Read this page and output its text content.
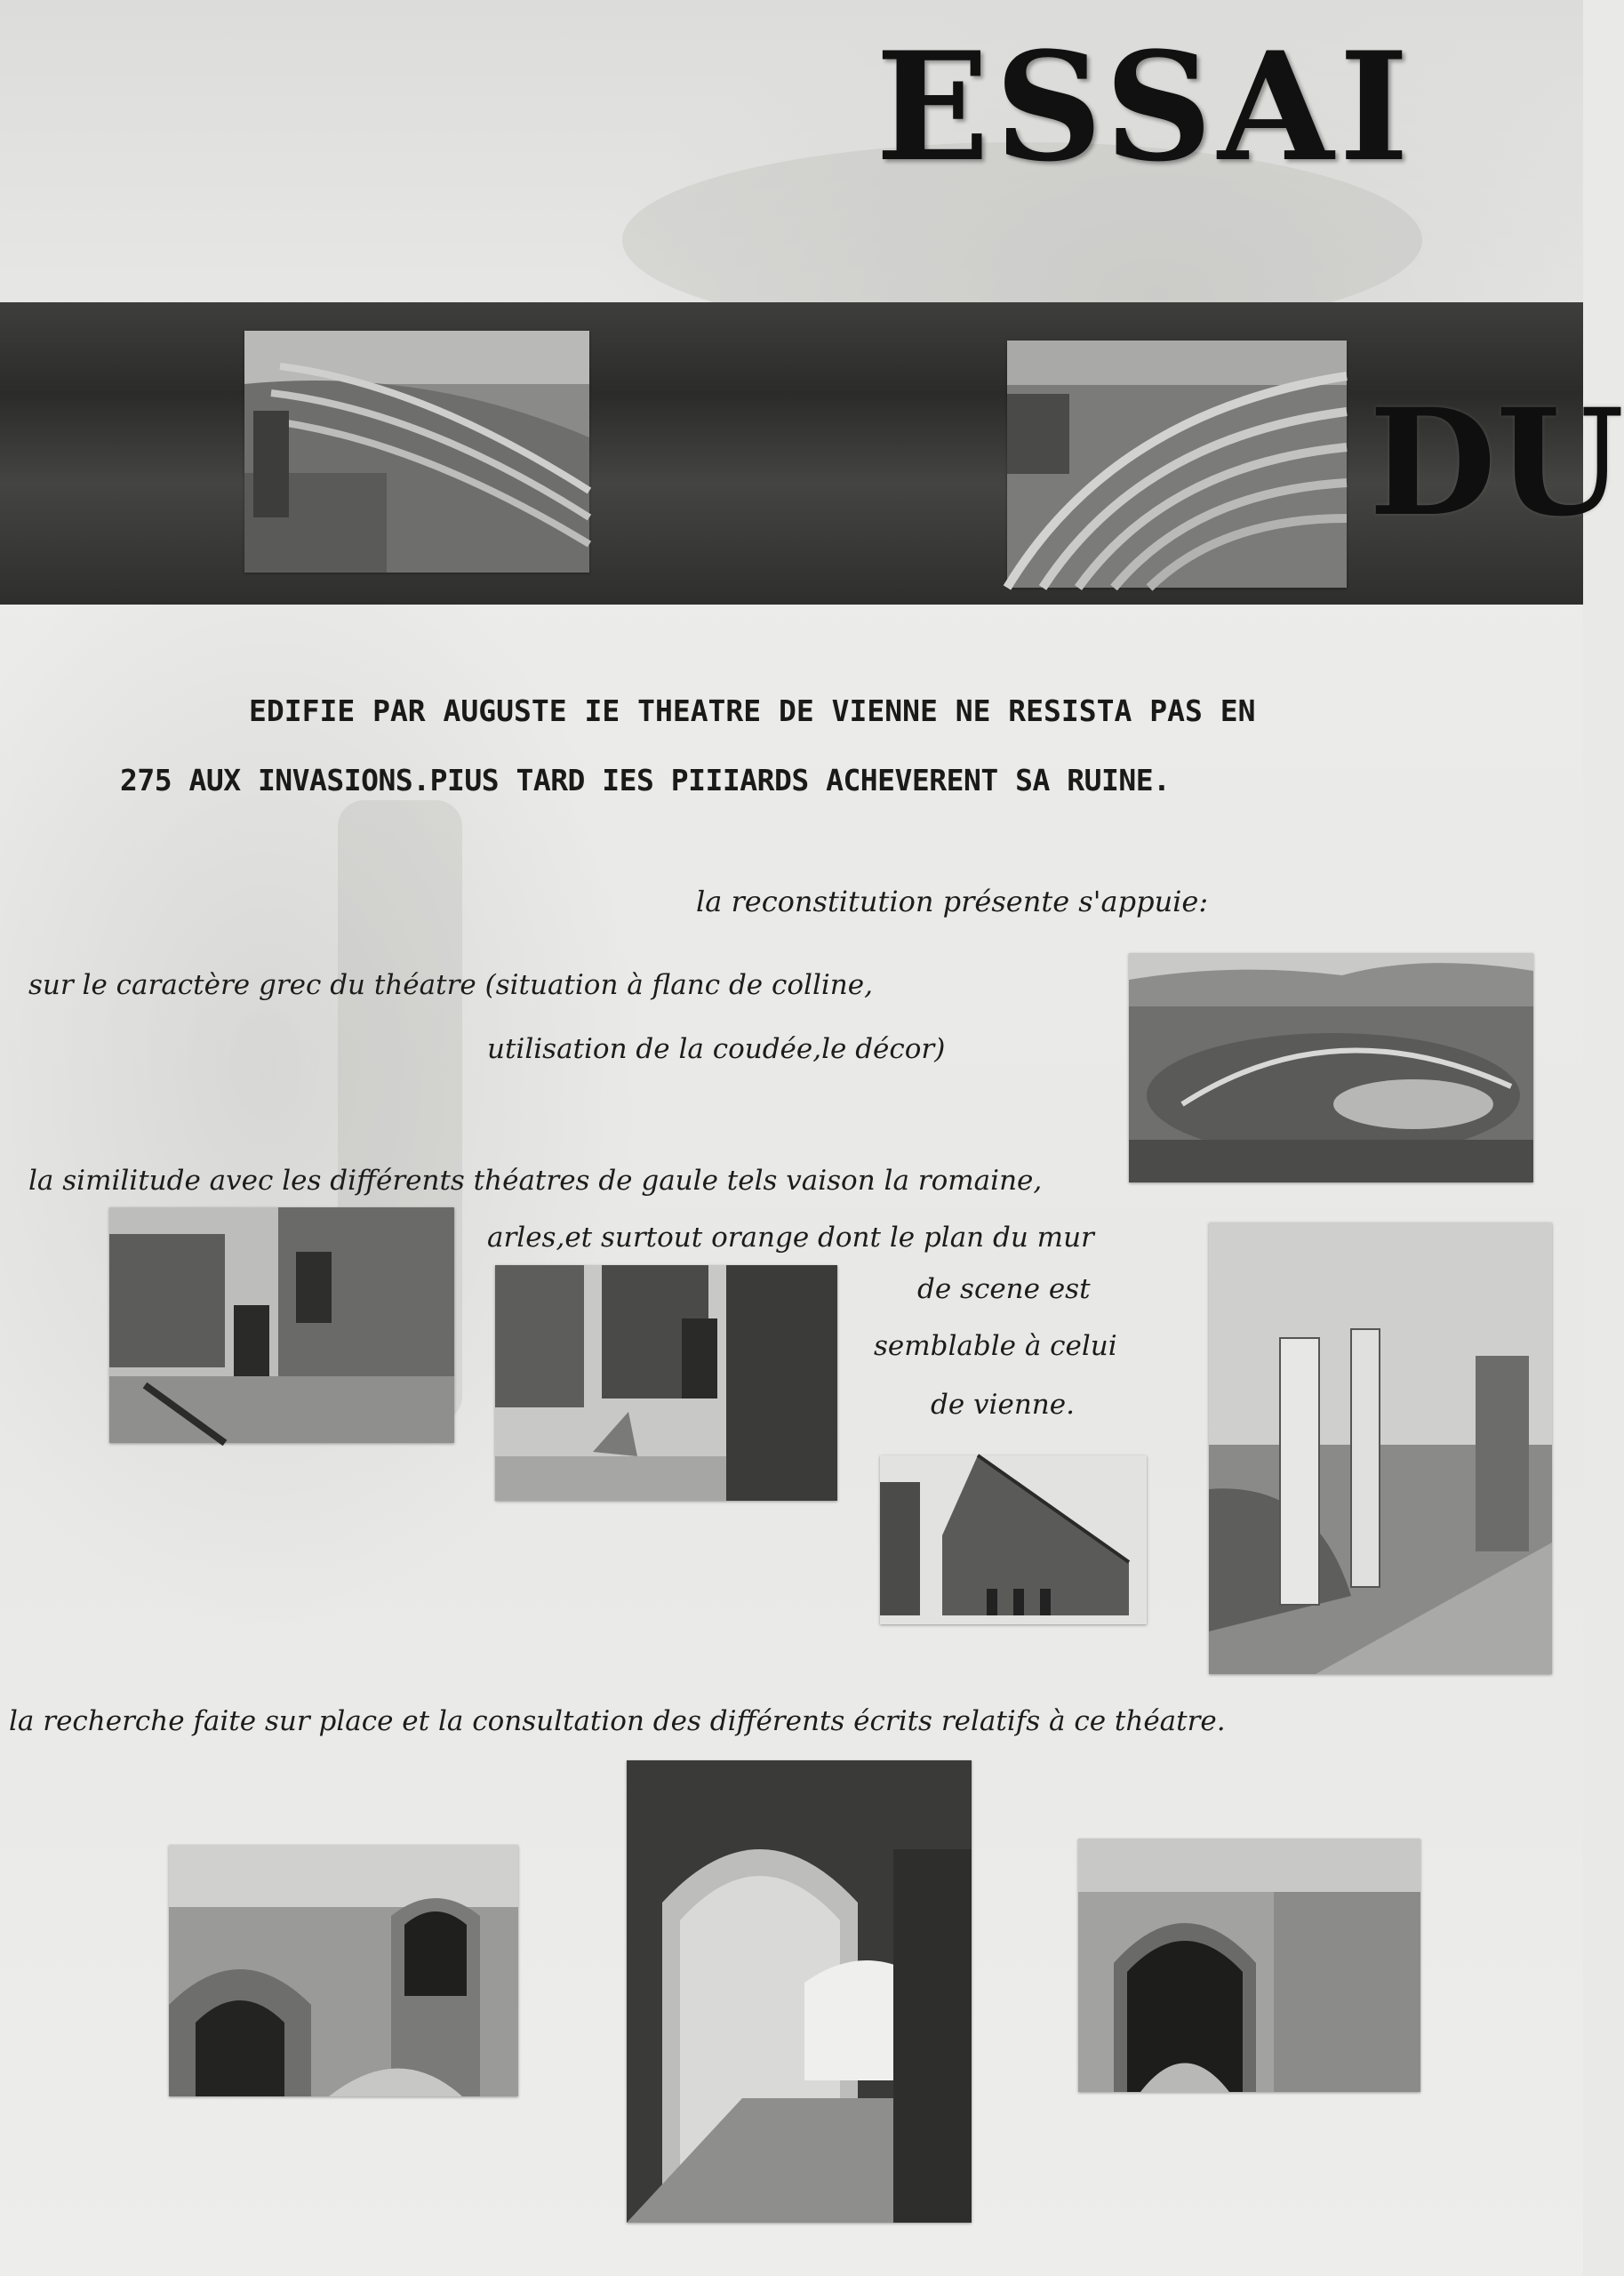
ESSAI
DU
EDIFIE PAR AUGUSTE IE THEATRE DE VIENNE NE RESISTA PAS EN
275 AUX INVASIONS.PIUS TARD IES PIIIARDS ACHEVERENT SA RUINE.
la reconstitution présente s'appuie:
sur le caractère grec du théatre (situation à flanc de colline,
utilisation de la coudée,le décor)
la similitude avec les différents théatres de gaule tels vaison la romaine,
arles,et surtout orange dont le plan du mur
de scene est
semblable à celui
de vienne.
la recherche faite sur place et la consultation des différents écrits relatifs à ce théatre.
